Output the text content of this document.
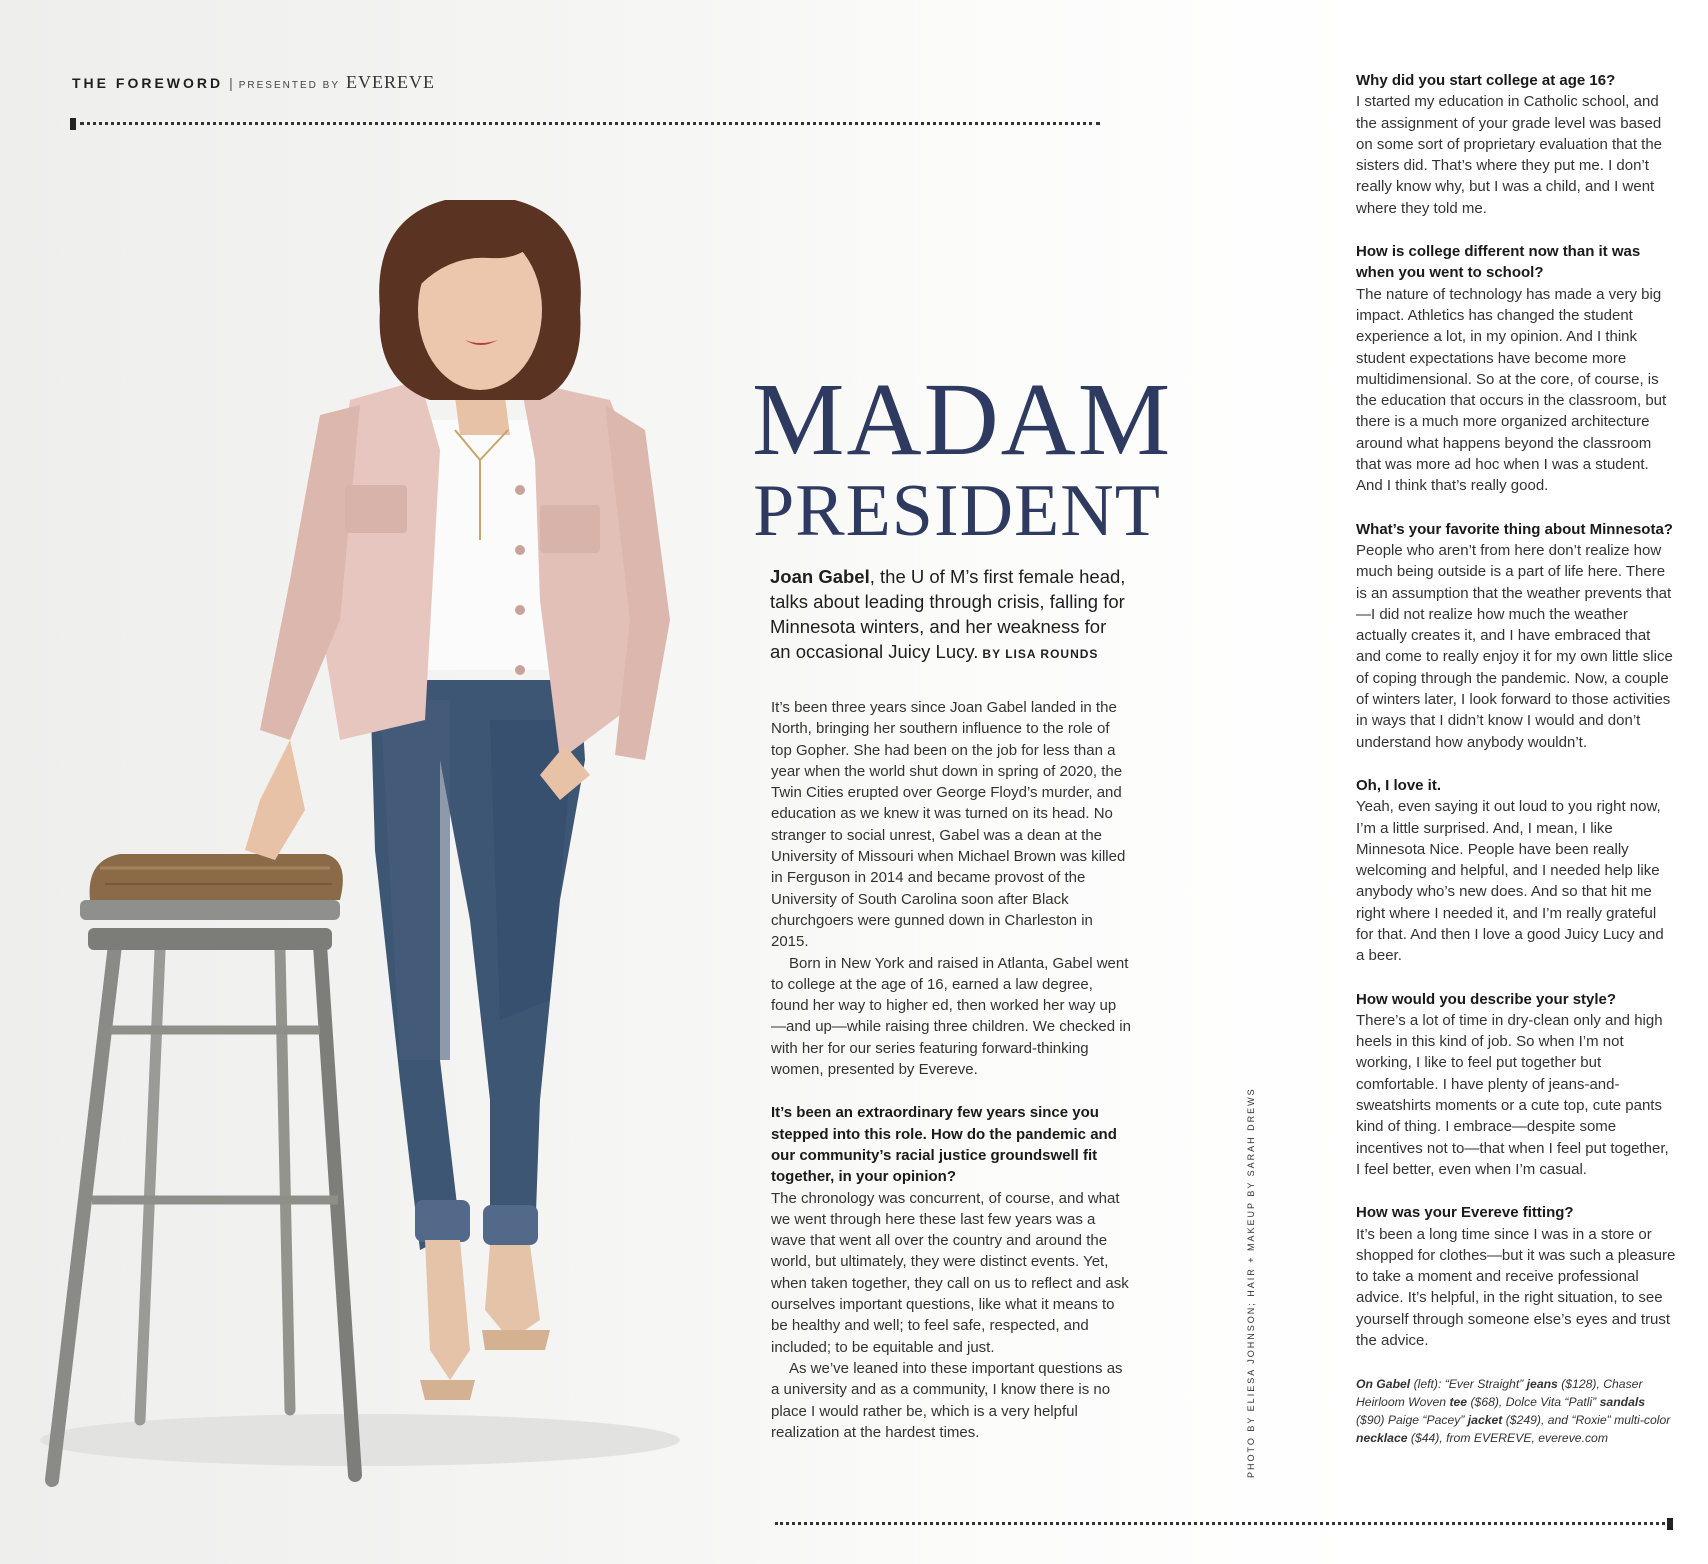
THE FOREWORD | PRESENTED BY EVEREVE
MADAM
PRESIDENT
Joan Gabel, the U of M’s first female head, talks about leading through crisis, falling for Minnesota winters, and her weakness for an occasional Juicy Lucy. BY LISA ROUNDS

It’s been three years since Joan Gabel landed in the North, bringing her southern influence to the role of top Gopher. She had been on the job for less than a year when the world shut down in spring of 2020, the Twin Cities erupted over George Floyd’s murder, and education as we knew it was turned on its head. No stranger to social unrest, Gabel was a dean at the University of Missouri when Michael Brown was killed in Ferguson in 2014 and became provost of the University of South Carolina soon after Black churchgoers were gunned down in Charleston in 2015.

Born in New York and raised in Atlanta, Gabel went to college at the age of 16, earned a law degree, found her way to higher ed, then worked her way up—and up—while raising three children. We checked in with her for our series featuring forward-thinking women, presented by Evereve.

It’s been an extraordinary few years since you stepped into this role. How do the pandemic and our community’s racial justice groundswell fit together, in your opinion?

The chronology was concurrent, of course, and what we went through here these last few years was a wave that went all over the country and around the world, but ultimately, they were distinct events. Yet, when taken together, they call on us to reflect and ask ourselves important questions, like what it means to be healthy and well; to feel safe, respected, and included; to be equitable and just.

As we’ve leaned into these important questions as a university and as a community, I know there is no place I would rather be, which is a very helpful realization at the hardest times.

Why did you start college at age 16?

I started my education in Catholic school, and the assignment of your grade level was based on some sort of proprietary evaluation that the sisters did. That’s where they put me. I don’t really know why, but I was a child, and I went where they told me.

How is college different now than it was when you went to school?

The nature of technology has made a very big impact. Athletics has changed the student experience a lot, in my opinion. And I think student expectations have become more multidimensional. So at the core, of course, is the education that occurs in the classroom, but there is a much more organized architecture around what happens beyond the classroom that was more ad hoc when I was a student. And I think that’s really good.

What’s your favorite thing about Minnesota?

People who aren’t from here don’t realize how much being outside is a part of life here. There is an assumption that the weather prevents that—I did not realize how much the weather actually creates it, and I have embraced that and come to really enjoy it for my own little slice of coping through the pandemic. Now, a couple of winters later, I look forward to those activities in ways that I didn’t know I would and don’t understand how anybody wouldn’t.

Oh, I love it.

Yeah, even saying it out loud to you right now, I’m a little surprised. And, I mean, I like Minnesota Nice. People have been really welcoming and helpful, and I needed help like anybody who’s new does. And so that hit me right where I needed it, and I’m really grateful for that. And then I love a good Juicy Lucy and a beer.

How would you describe your style?

There’s a lot of time in dry-clean only and high heels in this kind of job. So when I’m not working, I like to feel put together but comfortable. I have plenty of jeans-and-sweatshirts moments or a cute top, cute pants kind of thing. I embrace—despite some incentives not to—that when I feel put together, I feel better, even when I’m casual.

How was your Evereve fitting?

It’s been a long time since I was in a store or shopped for clothes—but it was such a pleasure to take a moment and receive professional advice. It’s helpful, in the right situation, to see yourself through someone else’s eyes and trust the advice.

On Gabel (left): “Ever Straight” jeans ($128), Chaser Heirloom Woven tee ($68), Dolce Vita “Patli” sandals ($90) Paige “Pacey” jacket ($249), and “Roxie” multi-color necklace ($44), from EVEREVE, evereve.com
PHOTO BY ELIESA JOHNSON; HAIR + MAKEUP BY SARAH DREWS
